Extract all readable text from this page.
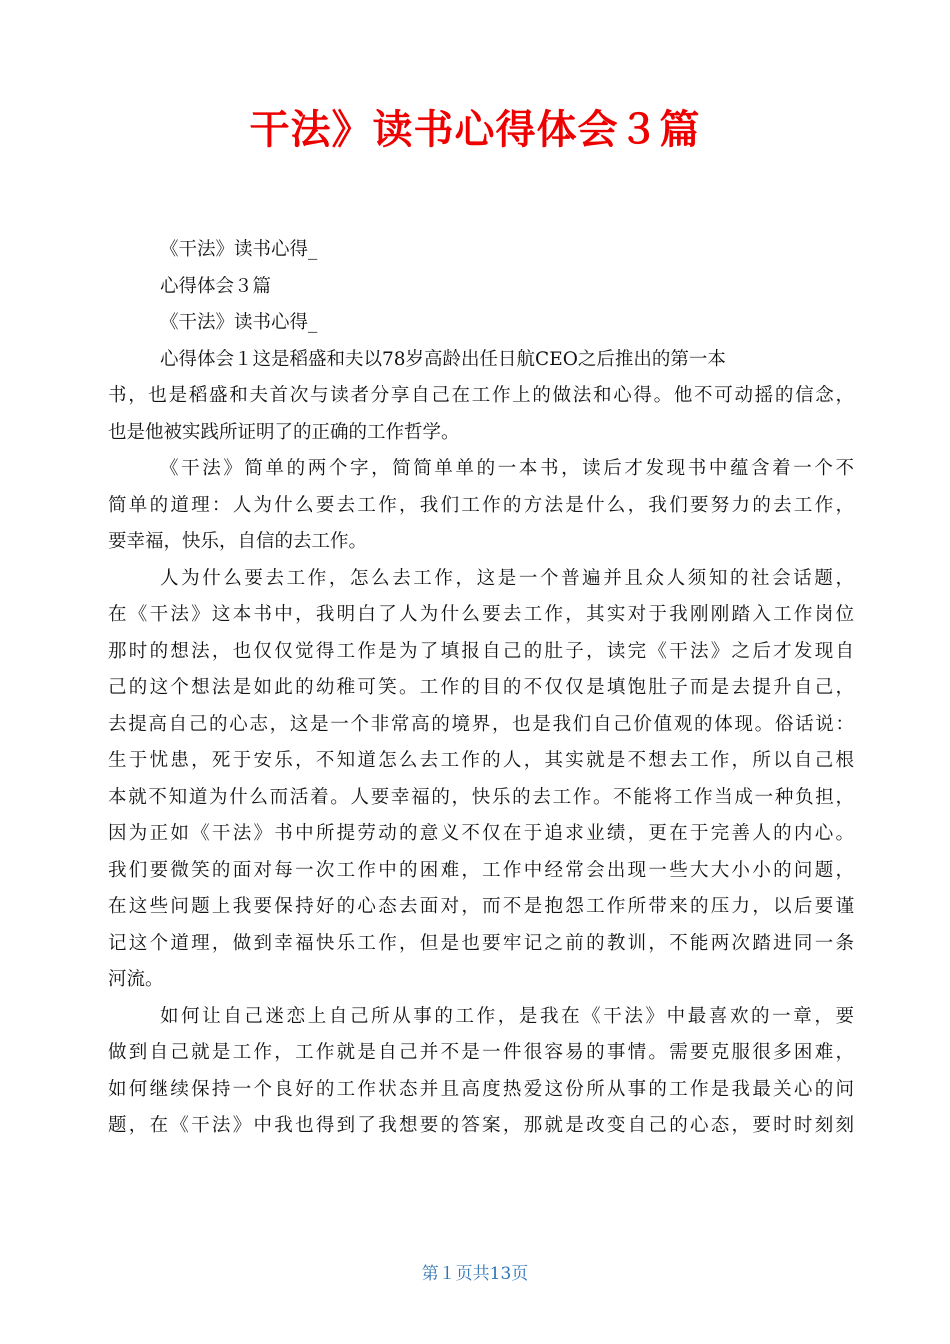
干法》读书心得体会３篇
《干法》读书心得_
心得体会３篇
《干法》读书心得_
心得体会１这是稻盛和夫以78岁高龄出任日航CEO之后推出的第一本
书，也是稻盛和夫首次与读者分享自己在工作上的做法和心得。他不可动摇的信念，
也是他被实践所证明了的正确的工作哲学。
《干法》简单的两个字，简简单单的一本书，读后才发现书中蕴含着一个不
简单的道理：人为什么要去工作，我们工作的方法是什么，我们要努力的去工作，
要幸福，快乐，自信的去工作。
人为什么要去工作，怎么去工作，这是一个普遍并且众人须知的社会话题，
在《干法》这本书中，我明白了人为什么要去工作，其实对于我刚刚踏入工作岗位
那时的想法，也仅仅觉得工作是为了填报自己的肚子，读完《干法》之后才发现自
己的这个想法是如此的幼稚可笑。工作的目的不仅仅是填饱肚子而是去提升自己，
去提高自己的心志，这是一个非常高的境界，也是我们自己价值观的体现。俗话说：
生于忧患，死于安乐，不知道怎么去工作的人，其实就是不想去工作，所以自己根
本就不知道为什么而活着。人要幸福的，快乐的去工作。不能将工作当成一种负担，
因为正如《干法》书中所提劳动的意义不仅在于追求业绩，更在于完善人的内心。
我们要微笑的面对每一次工作中的困难，工作中经常会出现一些大大小小的问题，
在这些问题上我要保持好的心态去面对，而不是抱怨工作所带来的压力，以后要谨
记这个道理，做到幸福快乐工作，但是也要牢记之前的教训，不能两次踏进同一条
河流。
如何让自己迷恋上自己所从事的工作，是我在《干法》中最喜欢的一章，要
做到自己就是工作，工作就是自己并不是一件很容易的事情。需要克服很多困难，
如何继续保持一个良好的工作状态并且高度热爱这份所从事的工作是我最关心的问
题，在《干法》中我也得到了我想要的答案，那就是改变自己的心态，要时时刻刻
第１页共13页
